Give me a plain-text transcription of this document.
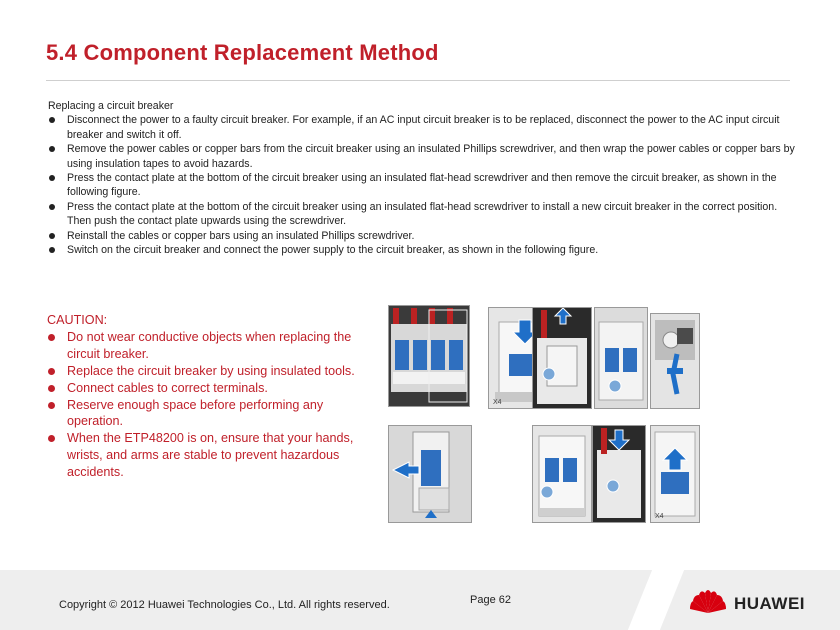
5.4 Component Replacement Method

Replacing a circuit breaker

Disconnect the power to a faulty circuit breaker. For example, if an AC input circuit breaker is to be replaced, disconnect the power to the AC input circuit breaker and switch it off.
Remove the power cables or copper bars from the circuit breaker using an insulated Phillips screwdriver, and then wrap the power cables or copper bars by using insulation tapes to avoid hazards.
Press the contact plate at the bottom of the circuit breaker using an insulated flat-head screwdriver and then remove the circuit breaker, as shown in the following figure.
Press the contact plate at the bottom of the circuit breaker using an insulated flat-head screwdriver to install a new circuit breaker in the correct position. Then push the contact plate upwards using the screwdriver.
Reinstall the cables or copper bars using an insulated Phillips screwdriver.
Switch on the circuit breaker and connect the power supply to the circuit breaker, as shown in the following figure.

CAUTION:

Do not wear conductive objects when replacing the circuit breaker.
Replace the circuit breaker by using insulated tools.
Connect cables to correct terminals.
Reserve enough space before performing any operation.
When the ETP48200 is on, ensure that your hands, wrists, and arms are stable to prevent hazardous accidents.
X4
X4
Copyright © 2012 Huawei Technologies Co., Ltd. All rights reserved.	Page 62	HUAWEI
